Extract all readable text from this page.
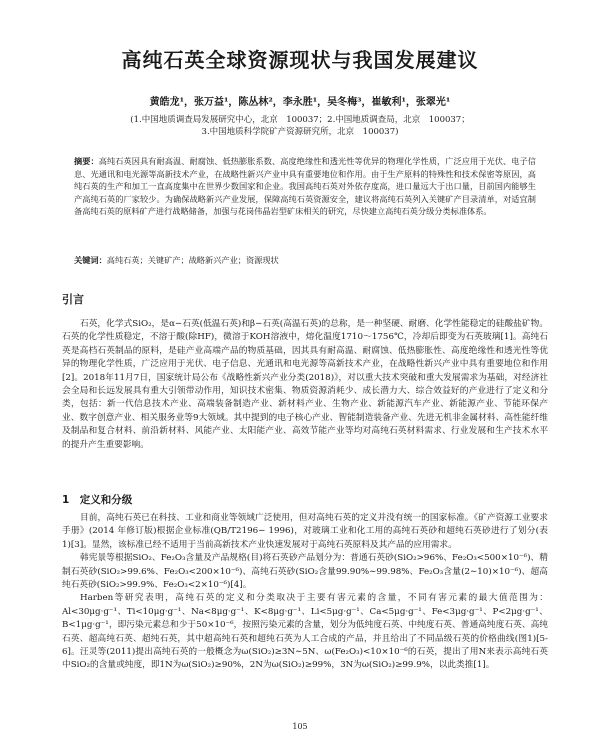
高纯石英全球资源现状与我国发展建议
黄皓龙¹，张万益¹，陈丛林²，李永胜¹，吴冬梅³，崔敏利¹，张翠光¹
(1.中国地质调查局发展研究中心，北京　100037；2.中国地质调查局，北京　100037；
3.中国地质科学院矿产资源研究所，北京　100037)
摘要：高纯石英因具有耐高温、耐腐蚀、低热膨胀系数、高度绝缘性和透光性等优异的物理化学性质，广泛应用于光伏、电子信息、光通讯和电光源等高新技术产业，在战略性新兴产业中具有重要地位和作用。由于生产原料的特殊性和技术保密等原因，高纯石英的生产和加工一直高度集中在世界少数国家和企业。我国高纯石英对外依存度高，进口量远大于出口量，目前国内能够生产高纯石英的厂家较少。为确保战略新兴产业发展，保障高纯石英资源安全，建议将高纯石英列入关键矿产目录清单，对适宜制备高纯石英的原料矿产进行战略储备，加强与花岗伟晶岩型矿床相关的研究，尽快建立高纯石英分级分类标准体系。
关键词：高纯石英；关键矿产；战略新兴产业；资源现状
引言

石英，化学式SiO₂，是α−石英(低温石英)和β−石英(高温石英)的总称，是一种坚硬、耐磨、化学性能稳定的硅酸盐矿物。石英的化学性质稳定，不溶于酸(除HF)，微溶于KOH溶液中，熔化温度1710～1756℃，冷却后即变为石英玻璃[1]。高纯石英是高档石英制品的原料，是硅产业高端产品的物质基础，因其具有耐高温、耐腐蚀、低热膨胀性、高度绝缘性和透光性等优异的物理化学性质，广泛应用于光伏、电子信息、光通讯和电光源等高新技术产业，在战略性新兴产业中具有重要地位和作用[2]。2018年11月7日，国家统计局公布《战略性新兴产业分类(2018)》，对以重大技术突破和重大发展需求为基础，对经济社会全局和长远发展具有重大引领带动作用，知识技术密集、物质资源消耗少、成长潜力大、综合效益好的产业进行了定义和分类，包括：新一代信息技术产业、高端装备制造产业、新材料产业、生物产业、新能源汽车产业、新能源产业、节能环保产业、数字创意产业、相关服务业等9大领域。其中提到的电子核心产业、智能制造装备产业、先进无机非金属材料、高性能纤维及制品和复合材料、前沿新材料、风能产业、太阳能产业、高效节能产业等均对高纯石英材料需求、行业发展和生产技术水平的提升产生重要影响。

1　定义和分级

目前，高纯石英已在科技、工业和商业等领域广泛使用，但对高纯石英的定义并没有统一的国家标准。《矿产资源工业要求手册》(2014 年修订版)根据企业标准(QB/T2196− 1996)，对玻璃工业和化工用的高纯石英砂和超纯石英砂进行了划分(表 1)[3]。显然，该标准已经不适用于当前高新技术产业快速发展对于高纯石英原料及其产品的应用需求。

韩宪景等根据SiO₂、Fe₂O₃含量及产品规格(目)将石英砂产品划分为：普通石英砂(SiO₂>96%、Fe₂O₃<500×10⁻⁶)、精制石英砂(SiO₂>99.6%、Fe₂O₃<200×10⁻⁶)、高纯石英砂(SiO₂含量99.90%∼99.98%、Fe₂O₃含量(2∼10)×10⁻⁶)、超高纯石英砂(SiO₂>99.9%、Fe₂O₃<2×10⁻⁶)[4]。

Harben等研究表明，高纯石英的定义和分类取决于主要有害元素的含量，不同有害元素的最大值范围为：Al<30μg·g⁻¹、Ti<10μg·g⁻¹、Na<8μg·g⁻¹、K<8μg·g⁻¹、Li<5μg·g⁻¹、Ca<5μg·g⁻¹、Fe<3μg·g⁻¹、P<2μg·g⁻¹、B<1μg·g⁻¹，即污染元素总和少于50×10⁻⁶，按照污染元素的含量，划分为低纯度石英、中纯度石英、普通高纯度石英、高纯石英、超高纯石英、超纯石英，其中超高纯石英和超纯石英为人工合成的产品，并且给出了不同品级石英的价格曲线(图1)[5-6]。汪灵等(2011)提出高纯石英的一般概念为ω(SiO₂)≥3N∼5N、ω(Fe₂O₃)<10×10⁻⁶的石英，提出了用N来表示高纯石英中SiO₂的含量或纯度，即1N为ω(SiO₂)≥90%，2N为ω(SiO₂)≥99%，3N为ω(SiO₂)≥99.9%，以此类推[1]。

105
